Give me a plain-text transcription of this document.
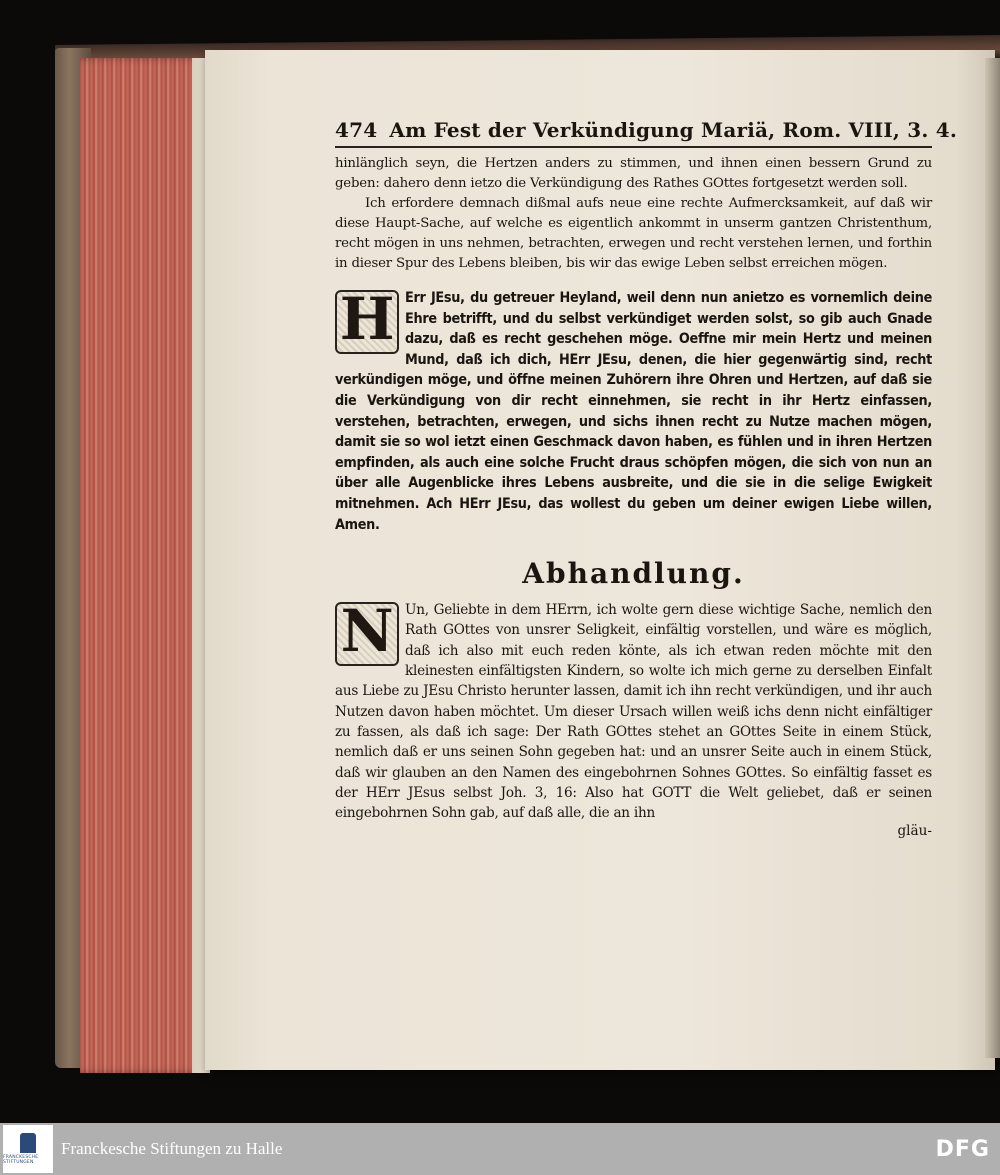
474 Am Fest der Verkündigung Mariä, Rom. VIII, 3. 4.

hinlänglich seyn, die Hertzen anders zu stimmen, und ihnen einen bessern Grund zu geben: dahero denn ietzo die Verkündigung des Rathes GOttes fortgesetzt werden soll.

Ich erfordere demnach dißmal aufs neue eine rechte Aufmercksamkeit, auf daß wir diese Haupt-Sache, auf welche es eigentlich ankommt in unserm gantzen Christenthum, recht mögen in uns nehmen, betrachten, erwegen und recht verstehen lernen, und forthin in dieser Spur des Lebens bleiben, bis wir das ewige Leben selbst erreichen mögen.

H Err JEsu, du getreuer Heyland, weil denn nun anietzo es vornemlich deine Ehre betrifft, und du selbst verkündiget werden solst, so gib auch Gnade dazu, daß es recht geschehen möge. Oeffne mir mein Hertz und meinen Mund, daß ich dich, HErr JEsu, denen, die hier gegenwärtig sind, recht verkündigen möge, und öffne meinen Zuhörern ihre Ohren und Hertzen, auf daß sie die Verkündigung von dir recht einnehmen, sie recht in ihr Hertz einfassen, verstehen, betrachten, erwegen, und sichs ihnen recht zu Nutze machen mögen, damit sie so wol ietzt einen Geschmack davon haben, es fühlen und in ihren Hertzen empfinden, als auch eine solche Frucht draus schöpfen mögen, die sich von nun an über alle Augenblicke ihres Lebens ausbreite, und die sie in die selige Ewigkeit mitnehmen. Ach HErr JEsu, das wollest du geben um deiner ewigen Liebe willen, Amen.

Abhandlung.

N Un, Geliebte in dem HErrn, ich wolte gern diese wichtige Sache, nemlich den Rath GOttes von unsrer Seligkeit, einfältig vorstellen, und wäre es möglich, daß ich also mit euch reden könte, als ich etwan reden möchte mit den kleinesten einfältigsten Kindern, so wolte ich mich gerne zu derselben Einfalt aus Liebe zu JEsu Christo herunter lassen, damit ich ihn recht verkündigen, und ihr auch Nutzen davon haben möchtet. Um dieser Ursach willen weiß ichs denn nicht einfältiger zu fassen, als daß ich sage: Der Rath GOttes stehet an GOttes Seite in einem Stück, nemlich daß er uns seinen Sohn gegeben hat: und an unsrer Seite auch in einem Stück, daß wir glauben an den Namen des eingebohrnen Sohnes GOttes. So einfältig fasset es der HErr JEsus selbst Joh. 3, 16: Also hat GOTT die Welt geliebet, daß er seinen eingebohrnen Sohn gab, auf daß alle, die an ihn

gläu-

FRANCKESCHE STIFTUNGEN
Franckesche Stiftungen zu Halle	DFG
